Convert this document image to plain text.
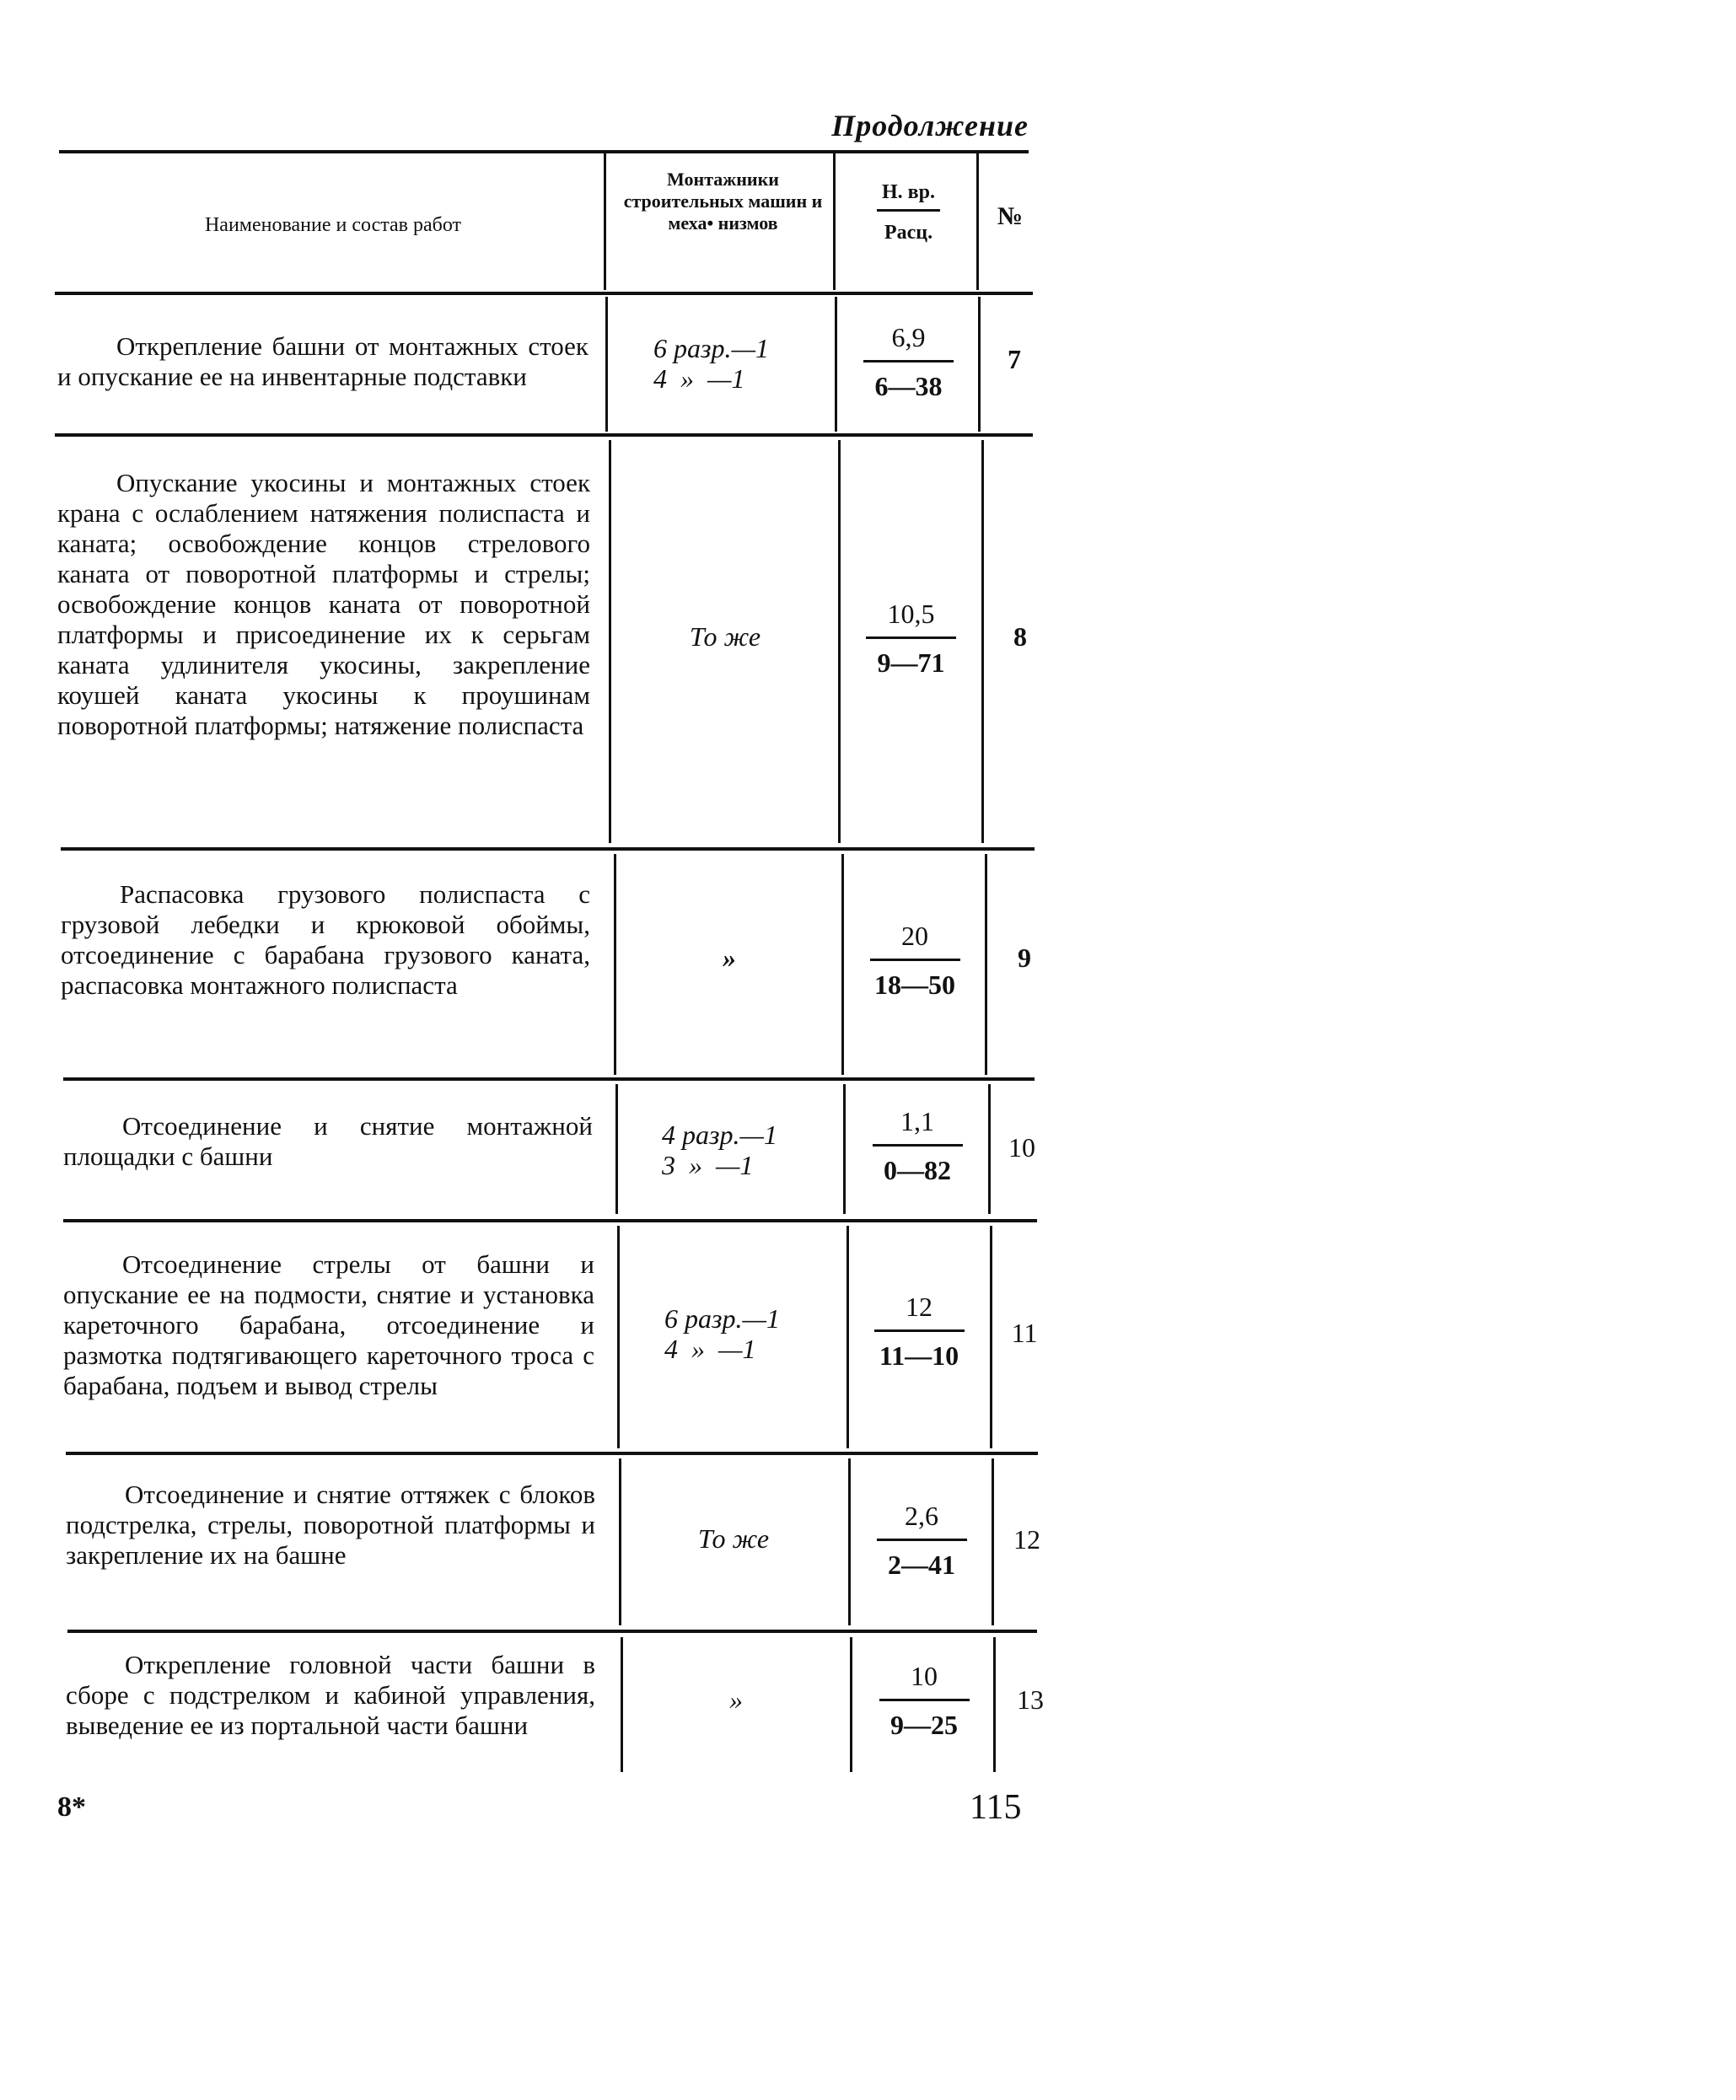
Продолжение
Наименование и состав работ
Монтажники строительных машин и меха• низмов
Н. вр.
Расц.
№

Открепление башни от монтажных стоек и опускание ее на инвентарные подставки

6 разр.—1
4  »  —1
6,9
6—38
7

Опускание укосины и монтажных стоек крана с ослаблением натяжения полиспаста и каната; освобождение концов стрелового каната от поворотной платформы и стрелы; освобождение концов каната от поворотной платформы и присоединение их к серьгам каната удлинителя укосины, закрепление коушей каната укосины к проушинам поворотной платформы; натяжение полиспаста

То же
10,5
9—71
8

Распасовка грузового полиспаста с грузовой лебедки и крюковой обоймы, отсоединение с барабана грузового каната, распасовка монтажного полиспаста

»
20
18—50
9

Отсоединение и снятие монтажной площадки с башни

4 разр.—1
3  »  —1
1,1
0—82
10

Отсоединение стрелы от башни и опускание ее на подмости, снятие и установка кареточного барабана, отсоединение и размотка подтягивающего кареточного троса с барабана, подъем и вывод стрелы

6 разр.—1
4  »  —1
12
11—10
11

Отсоединение и снятие оттяжек с блоков подстрелка, стрелы, поворотной платформы и закрепление их на башне

То же
2,6
2—41
12

Открепление головной части башни в сборе с подстрелком и кабиной управления, выведение ее из портальной части башни

»
10
9—25
13
8*	115
